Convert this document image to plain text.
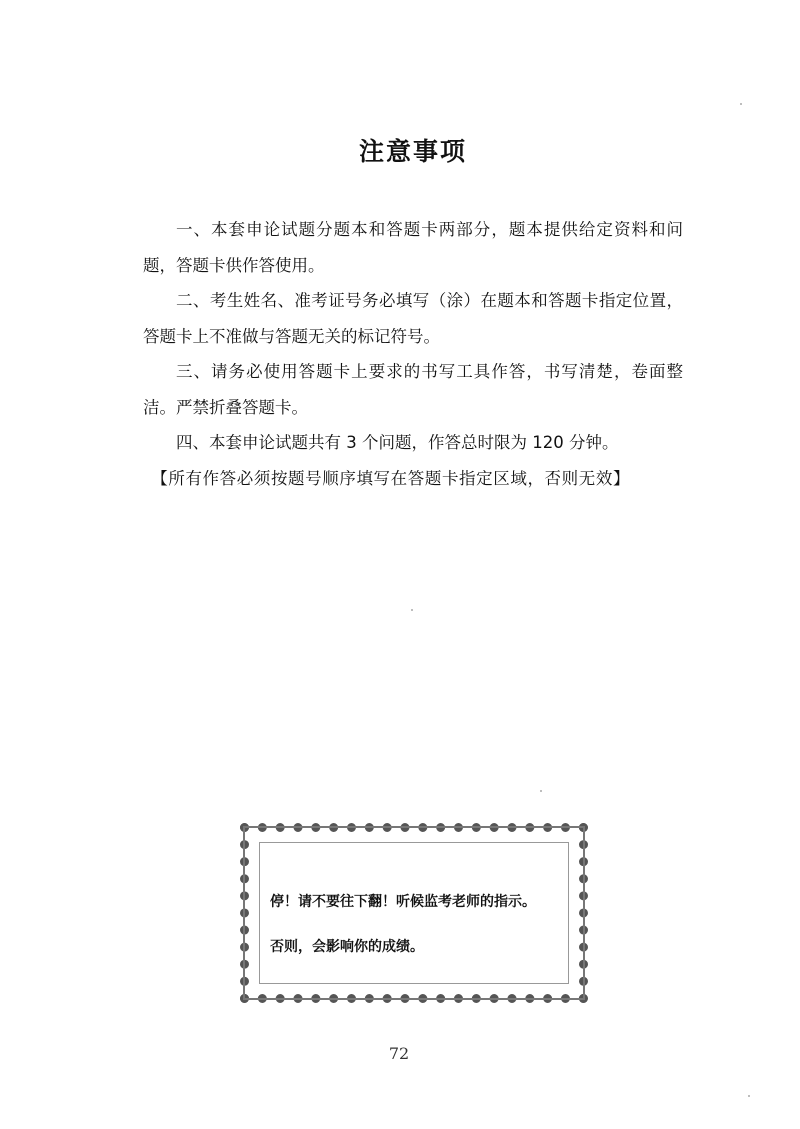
注意事项

一、本套申论试题分题本和答题卡两部分，题本提供给定资料和问题，答题卡供作答使用。

二、考生姓名、准考证号务必填写（涂）在题本和答题卡指定位置，答题卡上不准做与答题无关的标记符号。

三、请务必使用答题卡上要求的书写工具作答，书写清楚，卷面整洁。严禁折叠答题卡。

四、本套申论试题共有 3 个问题，作答总时限为 120 分钟。

【所有作答必须按题号顺序填写在答题卡指定区域，否则无效】

停！请不要往下翻！听候监考老师的指示。
否则，会影响你的成绩。
72
